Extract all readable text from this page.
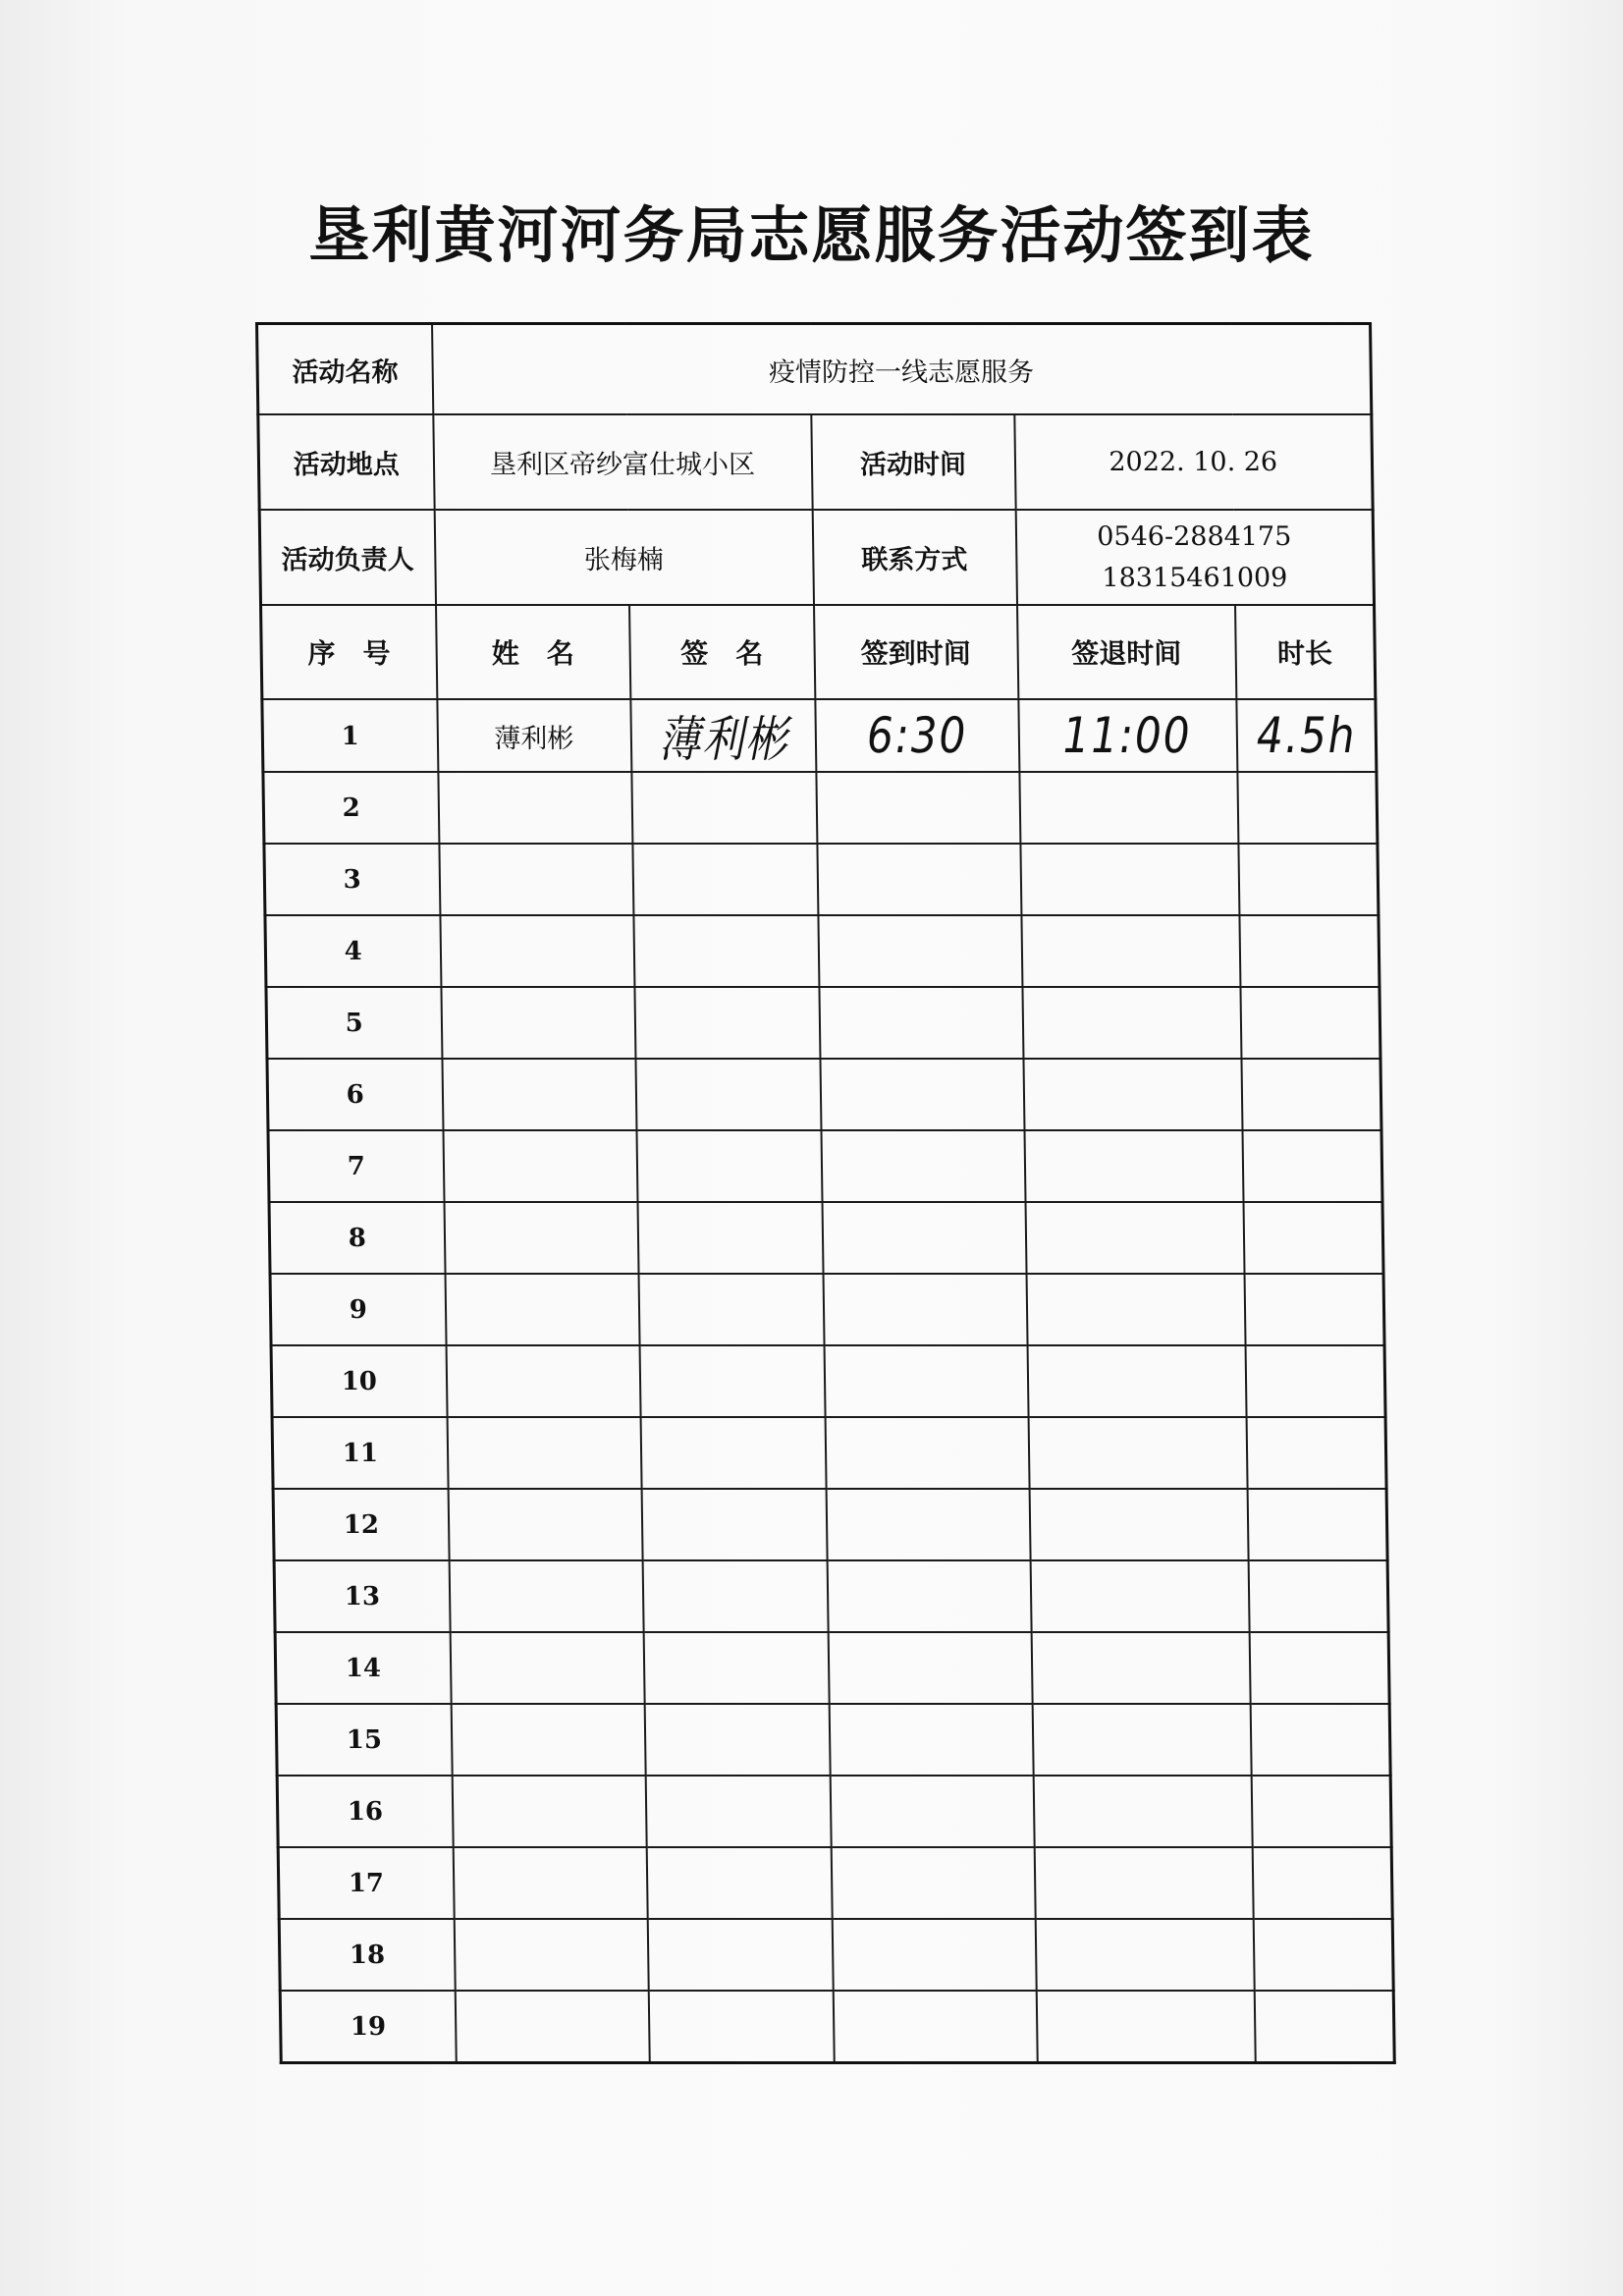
垦利黄河河务局志愿服务活动签到表
活动名称	疫情防控一线志愿服务				
活动地点	垦利区帝纱富仕城小区		活动时间	2022. 10. 26	
活动负责人	张梅楠		联系方式	0546-2884175
18315461009	

序　号	姓　名	签　名	签到时间	签退时间	时长
1	薄利彬	薄利彬	6:30	11:00	4.5h
2					
3					
4					
5					
6					
7					
8					
9					
10					
11					
12					
13					
14					
15					
16					
17					
18					
19					
